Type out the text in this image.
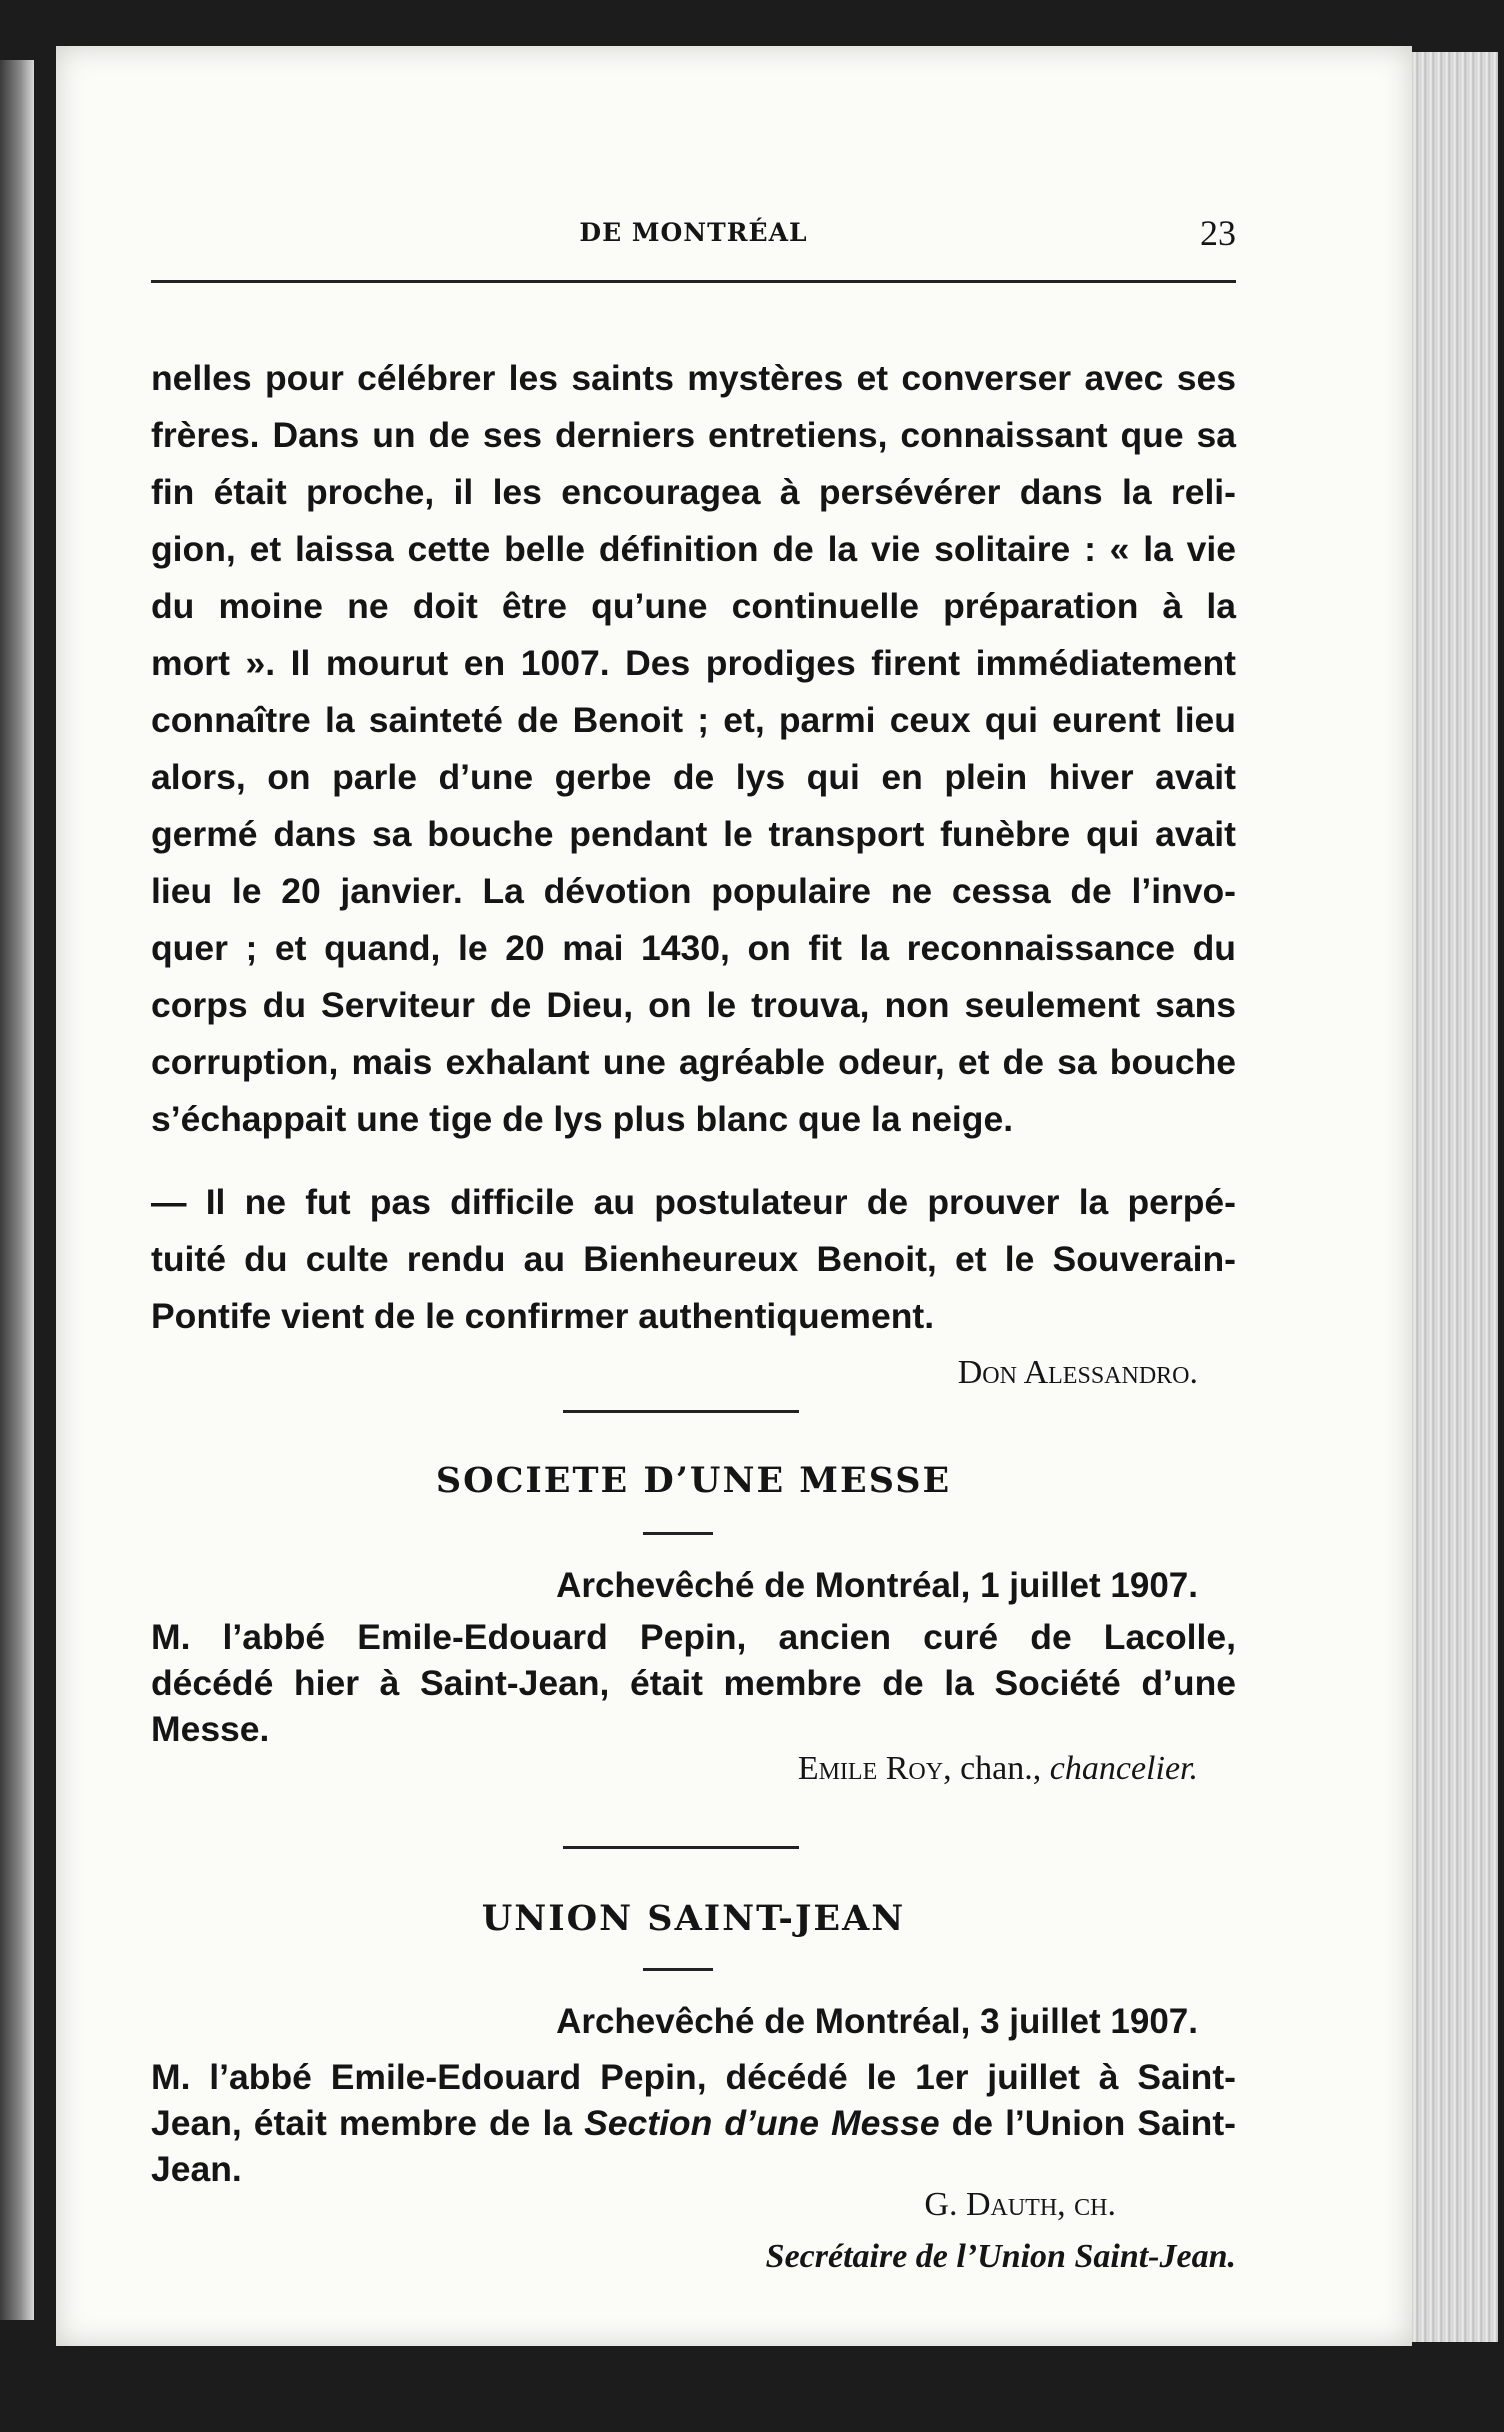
DE MONTRÉAL	23
nelles pour célébrer les saints mystères et converser avec ses
frères. Dans un de ses derniers entretiens, connaissant que sa
fin était proche, il les encouragea à persévérer dans la reli-
gion, et laissa cette belle définition de la vie solitaire : « la vie
du moine ne doit être qu’une continuelle préparation à la
mort ». Il mourut en 1007. Des prodiges firent immédiatement
connaître la sainteté de Benoit ; et, parmi ceux qui eurent lieu
alors, on parle d’une gerbe de lys qui en plein hiver avait
germé dans sa bouche pendant le transport funèbre qui avait
lieu le 20 janvier. La dévotion populaire ne cessa de l’invo-
quer ; et quand, le 20 mai 1430, on fit la reconnaissance du
corps du Serviteur de Dieu, on le trouva, non seulement sans
corruption, mais exhalant une agréable odeur, et de sa bouche
s’échappait une tige de lys plus blanc que la neige.
— Il ne fut pas difficile au postulateur de prouver la perpé-
tuité du culte rendu au Bienheureux Benoit, et le Souverain-
Pontife vient de le confirmer authentiquement.
Don Alessandro.
SOCIETE D’UNE MESSE
Archevêché de Montréal, 1 juillet 1907.
M. l’abbé Emile-Edouard Pepin, ancien curé de Lacolle,
décédé hier à Saint-Jean, était membre de la Société d’une
Messe.
Emile Roy, chan., chancelier.
UNION SAINT-JEAN
Archevêché de Montréal, 3 juillet 1907.
M. l’abbé Emile-Edouard Pepin, décédé le 1er juillet à Saint-
Jean, était membre de la Section d’une Messe de l’Union Saint-
Jean.
G. Dauth, ch.
Secrétaire de l’Union Saint-Jean.
